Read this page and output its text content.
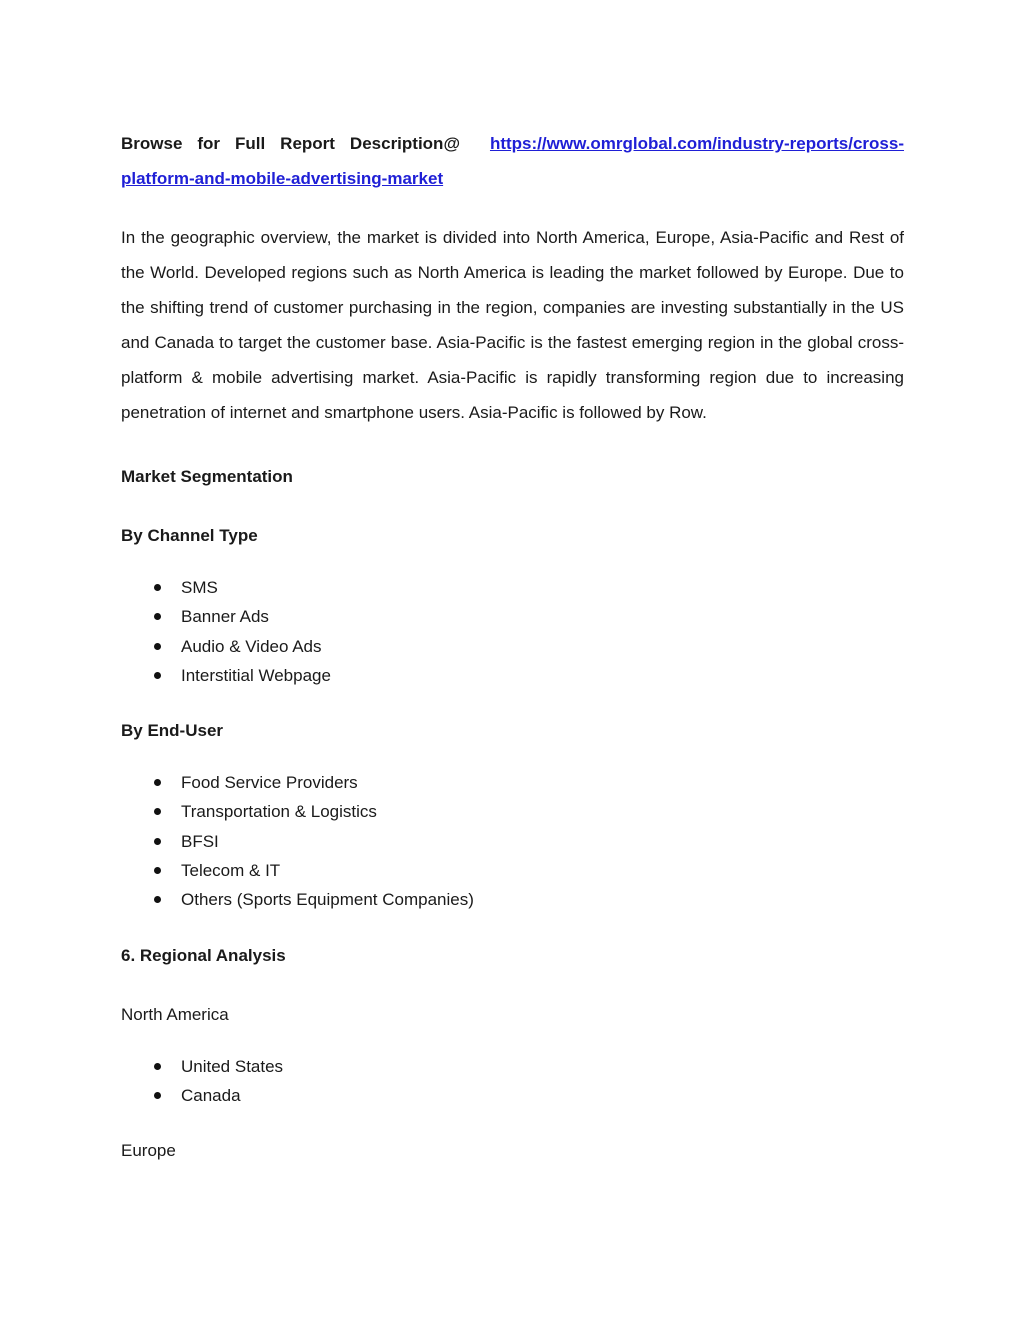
Browse for Full Report Description@ https://www.omrglobal.com/industry-reports/cross-platform-and-mobile-advertising-market

In the geographic overview, the market is divided into North America, Europe, Asia-Pacific and Rest of the World. Developed regions such as North America is leading the market followed by Europe. Due to the shifting trend of customer purchasing in the region, companies are investing substantially in the US and Canada to target the customer base. Asia-Pacific is the fastest emerging region in the global cross-platform & mobile advertising market. Asia-Pacific is rapidly transforming region due to increasing penetration of internet and smartphone users. Asia-Pacific is followed by Row.

Market Segmentation

By Channel Type

SMS
Banner Ads
Audio & Video Ads
Interstitial Webpage

By End-User

Food Service Providers
Transportation & Logistics
BFSI
Telecom & IT
Others (Sports Equipment Companies)

6. Regional Analysis

North America

United States
Canada

Europe
